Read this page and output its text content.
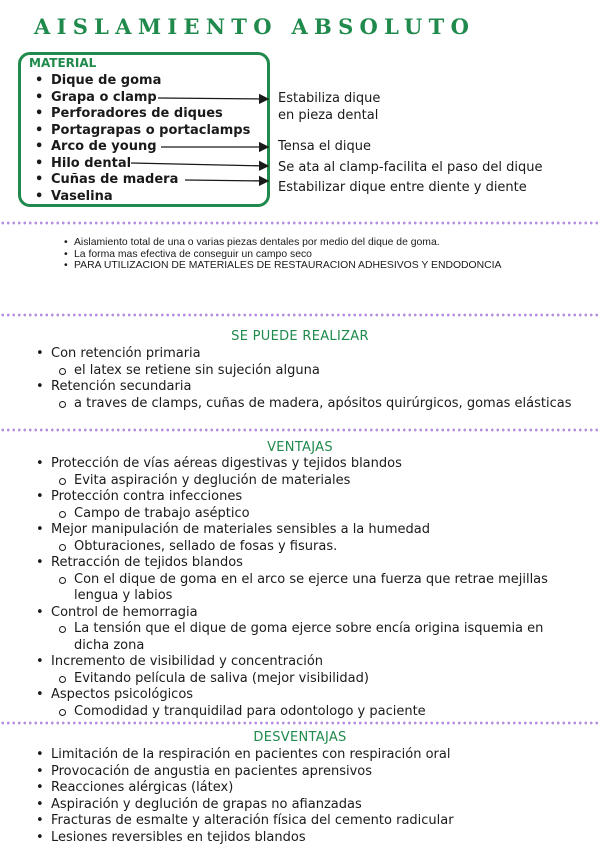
AISLAMIENTO ABSOLUTO
MATERIAL
• Dique de goma
• Grapa o clamp
• Perforadores de diques
• Portagrapas o portaclamps
• Arco de young
• Hilo dental
• Cuñas de madera
• Vaselina
Estabiliza dique
en pieza dental
Tensa el dique
Se ata al clamp-facilita el paso del dique
Estabilizar dique entre diente y diente
• Aislamiento total de una o varias piezas dentales por medio del dique de goma.
• La forma mas efectiva de conseguir un campo seco
• PARA UTILIZACION DE MATERIALES DE RESTAURACION ADHESIVOS Y ENDODONCIA
SE PUEDE REALIZAR
• Con retención primaria
el latex se retiene sin sujeción alguna
• Retención secundaria
a traves de clamps, cuñas de madera, apósitos quirúrgicos, gomas elásticas
VENTAJAS
• Protección de vías aéreas digestivas y tejidos blandos
Evita aspiración y deglución de materiales
• Protección contra infecciones
Campo de trabajo aséptico
• Mejor manipulación de materiales sensibles a la humedad
Obturaciones, sellado de fosas y fisuras.
• Retracción de tejidos blandos
Con el dique de goma en el arco se ejerce una fuerza que retrae mejillas lengua y labios
• Control de hemorragia
La tensión que el dique de goma ejerce sobre encía origina isquemia en dicha zona
• Incremento de visibilidad y concentración
Evitando película de saliva (mejor visibilidad)
• Aspectos psicológicos
Comodidad y tranquidilad para odontologo y paciente
DESVENTAJAS
• Limitación de la respiración en pacientes con respiración oral
• Provocación de angustia en pacientes aprensivos
• Reacciones alérgicas (látex)
• Aspiración y deglución de grapas no afianzadas
• Fracturas de esmalte y alteración física del cemento radicular
• Lesiones reversibles en tejidos blandos
